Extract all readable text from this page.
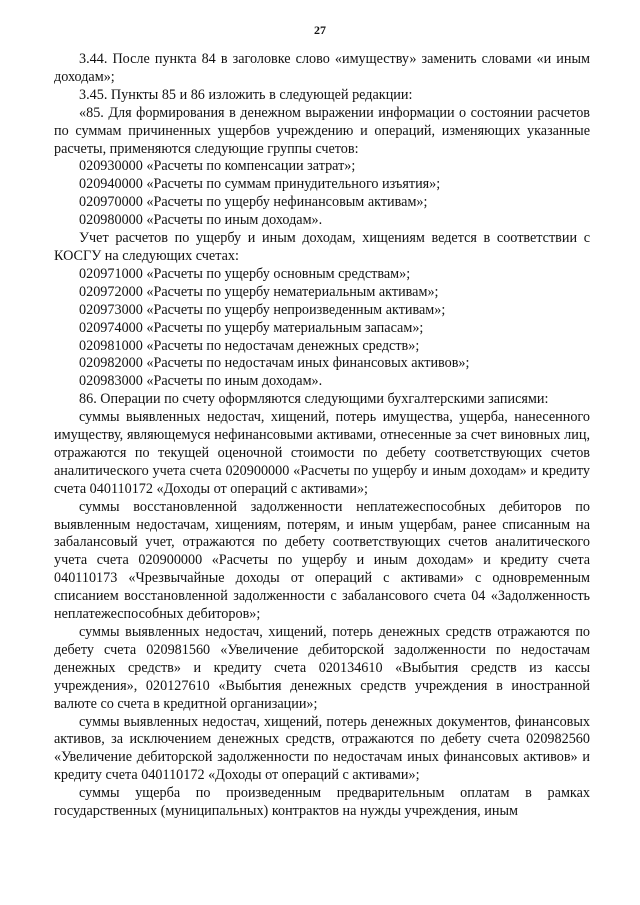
27

3.44. После пункта 84 в заголовке слово «имуществу» заменить словами «и иным доходам»;

3.45. Пункты 85 и 86 изложить в следующей редакции:

«85. Для формирования в денежном выражении информации о состоянии расчетов по суммам причиненных ущербов учреждению и операций, изменяющих указанные расчеты, применяются следующие группы счетов:

020930000 «Расчеты по компенсации затрат»;

020940000 «Расчеты по суммам принудительного изъятия»;

020970000 «Расчеты по ущербу нефинансовым активам»;

020980000 «Расчеты по иным доходам».

Учет расчетов по ущербу и иным доходам, хищениям ведется в соответствии с КОСГУ на следующих счетах:

020971000 «Расчеты по ущербу основным средствам»;

020972000 «Расчеты по ущербу нематериальным активам»;

020973000 «Расчеты по ущербу непроизведенным активам»;

020974000 «Расчеты по ущербу материальным запасам»;

020981000 «Расчеты по недостачам денежных средств»;

020982000 «Расчеты по недостачам иных финансовых активов»;

020983000 «Расчеты по иным доходам».

86. Операции по счету оформляются следующими бухгалтерскими записями:

суммы выявленных недостач, хищений, потерь имущества, ущерба, нанесенного имуществу, являющемуся нефинансовыми активами, отнесенные за счет виновных лиц, отражаются по текущей оценочной стоимости по дебету соответствующих счетов аналитического учета счета 020900000 «Расчеты по ущербу и иным доходам» и кредиту счета 040110172 «Доходы от операций с активами»;

суммы восстановленной задолженности неплатежеспособных дебиторов по выявленным недостачам, хищениям, потерям, и иным ущербам, ранее списанным на забалансовый учет, отражаются по дебету соответствующих счетов аналитического учета счета 020900000 «Расчеты по ущербу и иным доходам» и кредиту счета 040110173 «Чрезвычайные доходы от операций с активами» с одновременным списанием восстановленной задолженности с забалансового счета 04 «Задолженность неплатежеспособных дебиторов»;

суммы выявленных недостач, хищений, потерь денежных средств отражаются по дебету счета 020981560 «Увеличение дебиторской задолженности по недостачам денежных средств» и кредиту счета 020134610 «Выбытия средств из кассы учреждения», 020127610 «Выбытия денежных средств учреждения в иностранной валюте со счета в кредитной организации»;

суммы выявленных недостач, хищений, потерь денежных документов, финансовых активов, за исключением денежных средств, отражаются по дебету счета 020982560 «Увеличение дебиторской задолженности по недостачам иных финансовых активов» и кредиту счета 040110172 «Доходы от операций с активами»;

суммы ущерба по произведенным предварительным оплатам в рамках государственных (муниципальных) контрактов на нужды учреждения, иным
